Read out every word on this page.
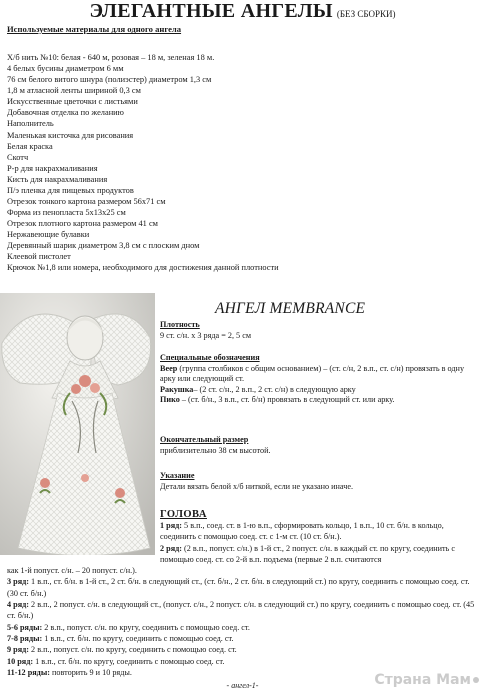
ЭЛЕГАНТНЫЕ АНГЕЛЫ (БЕЗ СБОРКИ)
Используемые материалы для одного ангела
Х/б нить №10: белая - 640 м, розовая – 18 м, зеленая 18 м.
4 белых бусины диаметром 6 мм
76 см белого витого шнура (полиэстер) диаметром 1,3 см
1,8 м атласной ленты шириной 0,3 см
Искусственные цветочки с листьями
Добавочная отделка по желанию
Наполнитель
Маленькая кисточка для рисования
Белая краска
Скотч
Р-р для накрахмаливания
Кисть для накрахмаливания
П/э пленка для пищевых продуктов
Отрезок тонкого картона размером 56х71 см
Форма из пенопласта 5х13х25 см
Отрезок плотного картона размером 41 см
Нержавеющие булавки
Деревянный шарик диаметром 3,8 см с плоским дном
Клеевой пистолет
Крючок №1,8 или номера, необходимого для достижения данной плотности
АНГЕЛ MEMBRANCE
Плотность
9 ст. с/н. х 3 ряда = 2, 5 см
Специальные обозначения
Веер (группа столбиков с общим основанием) – (ст. с/н, 2 в.п., ст. с/н) провязать в одну арку или следующий ст.
Ракушка– (2 ст. с/н., 2 в.п., 2 ст. с/н) в следующую арку
Пико – (ст. б/н., 3 в.п., ст. б/н) провязать в следующий ст. или арку.
Окончательный размер
приблизительно 38 см высотой.
Указание
Детали вязать белой х/б ниткой, если не указано иначе.
ГОЛОВА
1 ряд: 5 в.п., соед. ст. в 1-ю в.п., сформировать кольцо, 1 в.п., 10 ст. б/н. в кольцо, соединить с помощью соед. ст. с 1-м ст. (10 ст. б/н.).
2 ряд: (2 в.п., попуст. с/н.) в 1-й ст., 2 попуст. с/н. в каждый ст. по кругу, соединить с помощью соед. ст. со 2-й в.п. подъема (первые 2 в.п. считаются
как 1-й попуст. с/н. – 20 попуст. с/н.).
3 ряд: 1 в.п., ст. б/н. в 1-й ст., 2 ст. б/н. в следующий ст., (ст. б/н., 2 ст. б/н. в следующий ст.) по кругу, соединить с помощью соед. ст. (30 ст. б/н.)
4 ряд: 2 в.п., 2 попуст. с/н. в следующий ст., (попуст. с/н., 2 попуст. с/н. в следующий ст.) по кругу, соединить с помощью соед. ст. (45 ст. б/н.)
5-6 ряды: 2 в.п., попуст. с/н. по кругу, соединить с помощью соед. ст.
7-8 ряды: 1 в.п., ст. б/н. по кругу, соединить с помощью соед. ст.
9 ряд: 2 в.п., попуст. с/н. по кругу, соединить с помощью соед. ст.
10 ряд: 1 в.п., ст. б/н. по кругу, соединить с помощью соед. ст.
11-12 ряды: повторить 9 и 10 ряды.
- ангел-1-	Страна Мам
